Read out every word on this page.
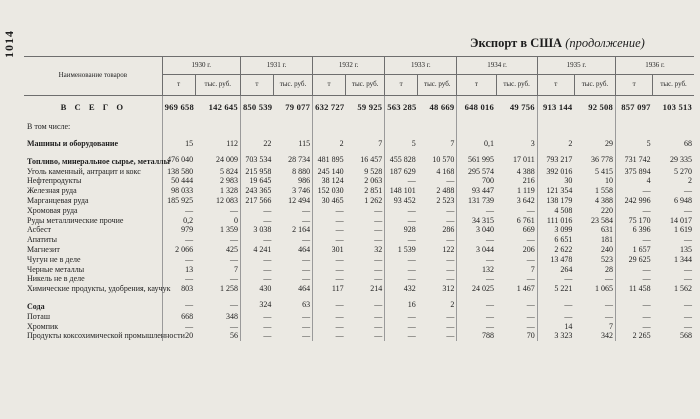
1014	Экспорт в США (продолжение)
Наименование товаров	1930 г.		1931 г.		1932 г.		1933 г.		1934 г.		1935 г.		1936 г.	
	т	тыс. руб.	т	тыс. руб.	т	тыс. руб.	т	тыс. руб.	т	тыс. руб.	т	тыс. руб.	т	тыс. руб.
В С Е Г О	969 658	142 645	850 539	79 077	632 727	59 925	563 285	48 669	648 016	49 756	913 144	92 508	857 097	103 513
В том числе:														
Машины и оборудование	15	112	22	115	2	7	5	7	0,1	3	2	29	5	68
Топливо, минеральное сырье, металлы	476 040	24 009	703 534	28 734	481 895	16 457	455 828	10 570	561 995	17 011	793 217	36 778	731 742	29 335
Уголь каменный, антрацит и кокс	138 580	5 824	215 958	8 880	245 140	9 528	187 629	4 168	295 574	4 388	392 016	5 415	375 894	5 270
Нефтепродукты	50 444	2 983	19 645	986	38 124	2 063	—	—	700	216	30	10	4	2
Железная руда	98 033	1 328	243 365	3 746	152 030	2 851	148 101	2 488	93 447	1 119	121 354	1 558	—	—
Марганцевая руда	185 925	12 083	217 566	12 494	30 465	1 262	93 452	2 523	131 739	3 642	138 179	4 388	242 996	6 948
Хромовая руда	—	—	—	—	—	—	—	—	—	—	4 508	220	—	—
Руды металлические прочие	0,2	0	—	—	—	—	—	—	34 315	6 761	111 016	23 584	75 170	14 017
Асбест	979	1 359	3 038	2 164	—	—	928	286	3 040	669	3 099	631	6 396	1 619
Апатиты	—	—	—	—	—	—	—	—	—	—	6 651	181	—	—
Магнезит	2 066	425	4 241	464	301	32	1 539	122	3 044	206	2 622	240	1 657	135
Чугун не в деле	—	—	—	—	—	—	—	—	—	—	13 478	523	29 625	1 344
Черные металлы	13	7	—	—	—	—	—	—	132	7	264	28	—	—
Никель не в деле	—	—	—	—	—	—	—	—	—	—	—	—	—	—
Химические продукты, удобрения, каучук	803	1 258	430	464	117	214	432	312	24 025	1 467	5 221	1 065	11 458	1 562
Сода	—	—	324	63	—	—	16	2	—	—	—	—	—	—
Поташ	668	348	—	—	—	—	—	—	—	—	—	—	—	—
Хромпик	—	—	—	—	—	—	—	—	—	—	14	7	—	—
Продукты коксохимической промышленности	20	56	—	—	—	—	—	—	788	70	3 323	342	2 265	568
